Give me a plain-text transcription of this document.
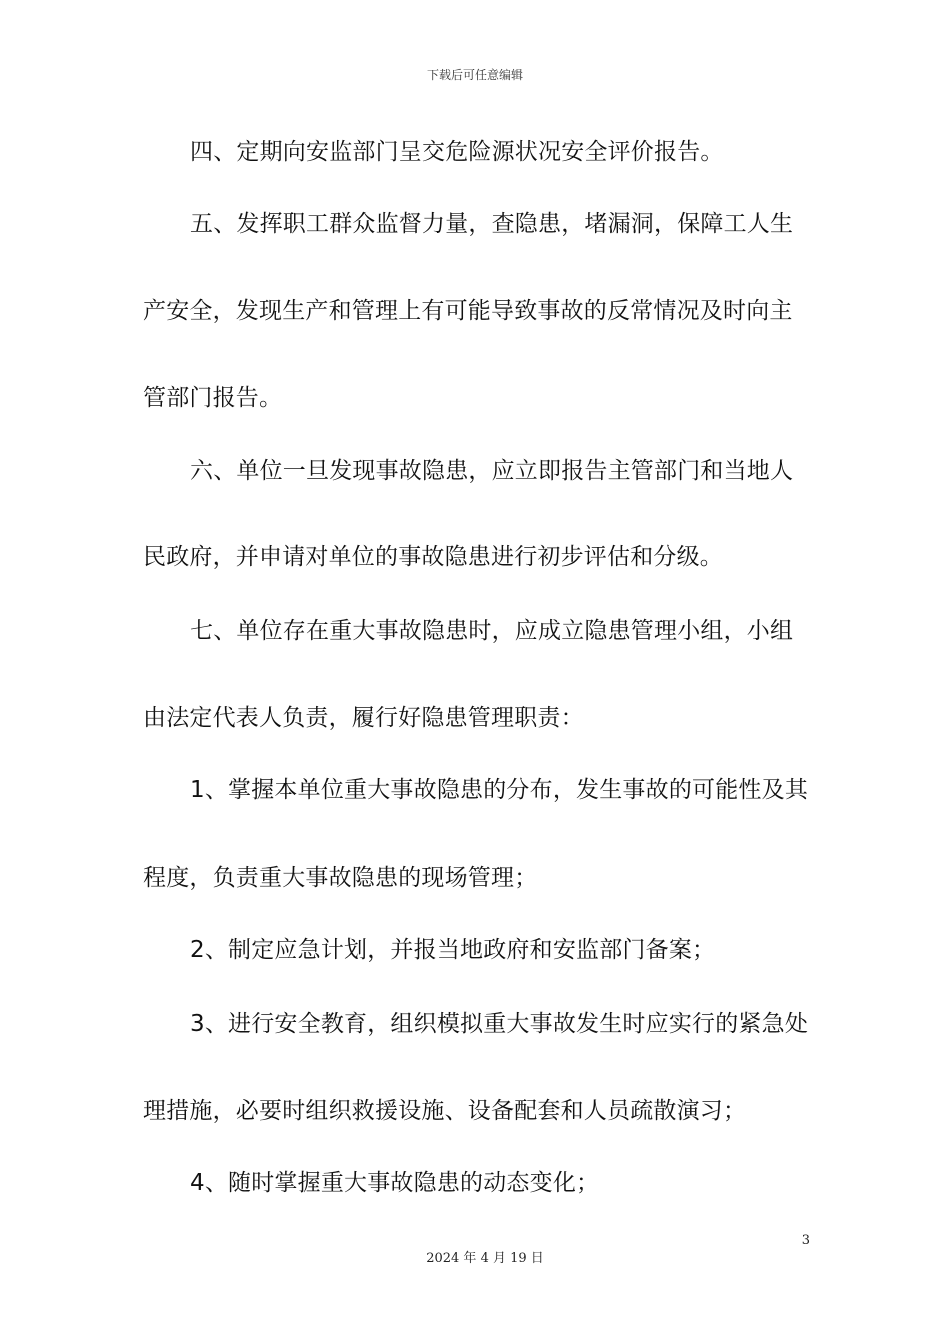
下载后可任意编辑
四、定期向安监部门呈交危险源状况安全评价报告。
五、发挥职工群众监督力量，查隐患，堵漏洞，保障工人生
产安全，发现生产和管理上有可能导致事故的反常情况及时向主
管部门报告。
六、单位一旦发现事故隐患，应立即报告主管部门和当地人
民政府，并申请对单位的事故隐患进行初步评估和分级。
七、单位存在重大事故隐患时，应成立隐患管理小组，小组
由法定代表人负责，履行好隐患管理职责：
1、掌握本单位重大事故隐患的分布，发生事故的可能性及其
程度，负责重大事故隐患的现场管理；
2、制定应急计划，并报当地政府和安监部门备案；
3、进行安全教育，组织模拟重大事故发生时应实行的紧急处
理措施，必要时组织救援设施、设备配套和人员疏散演习；
4、随时掌握重大事故隐患的动态变化；
3
2024 年 4 月 19 日
